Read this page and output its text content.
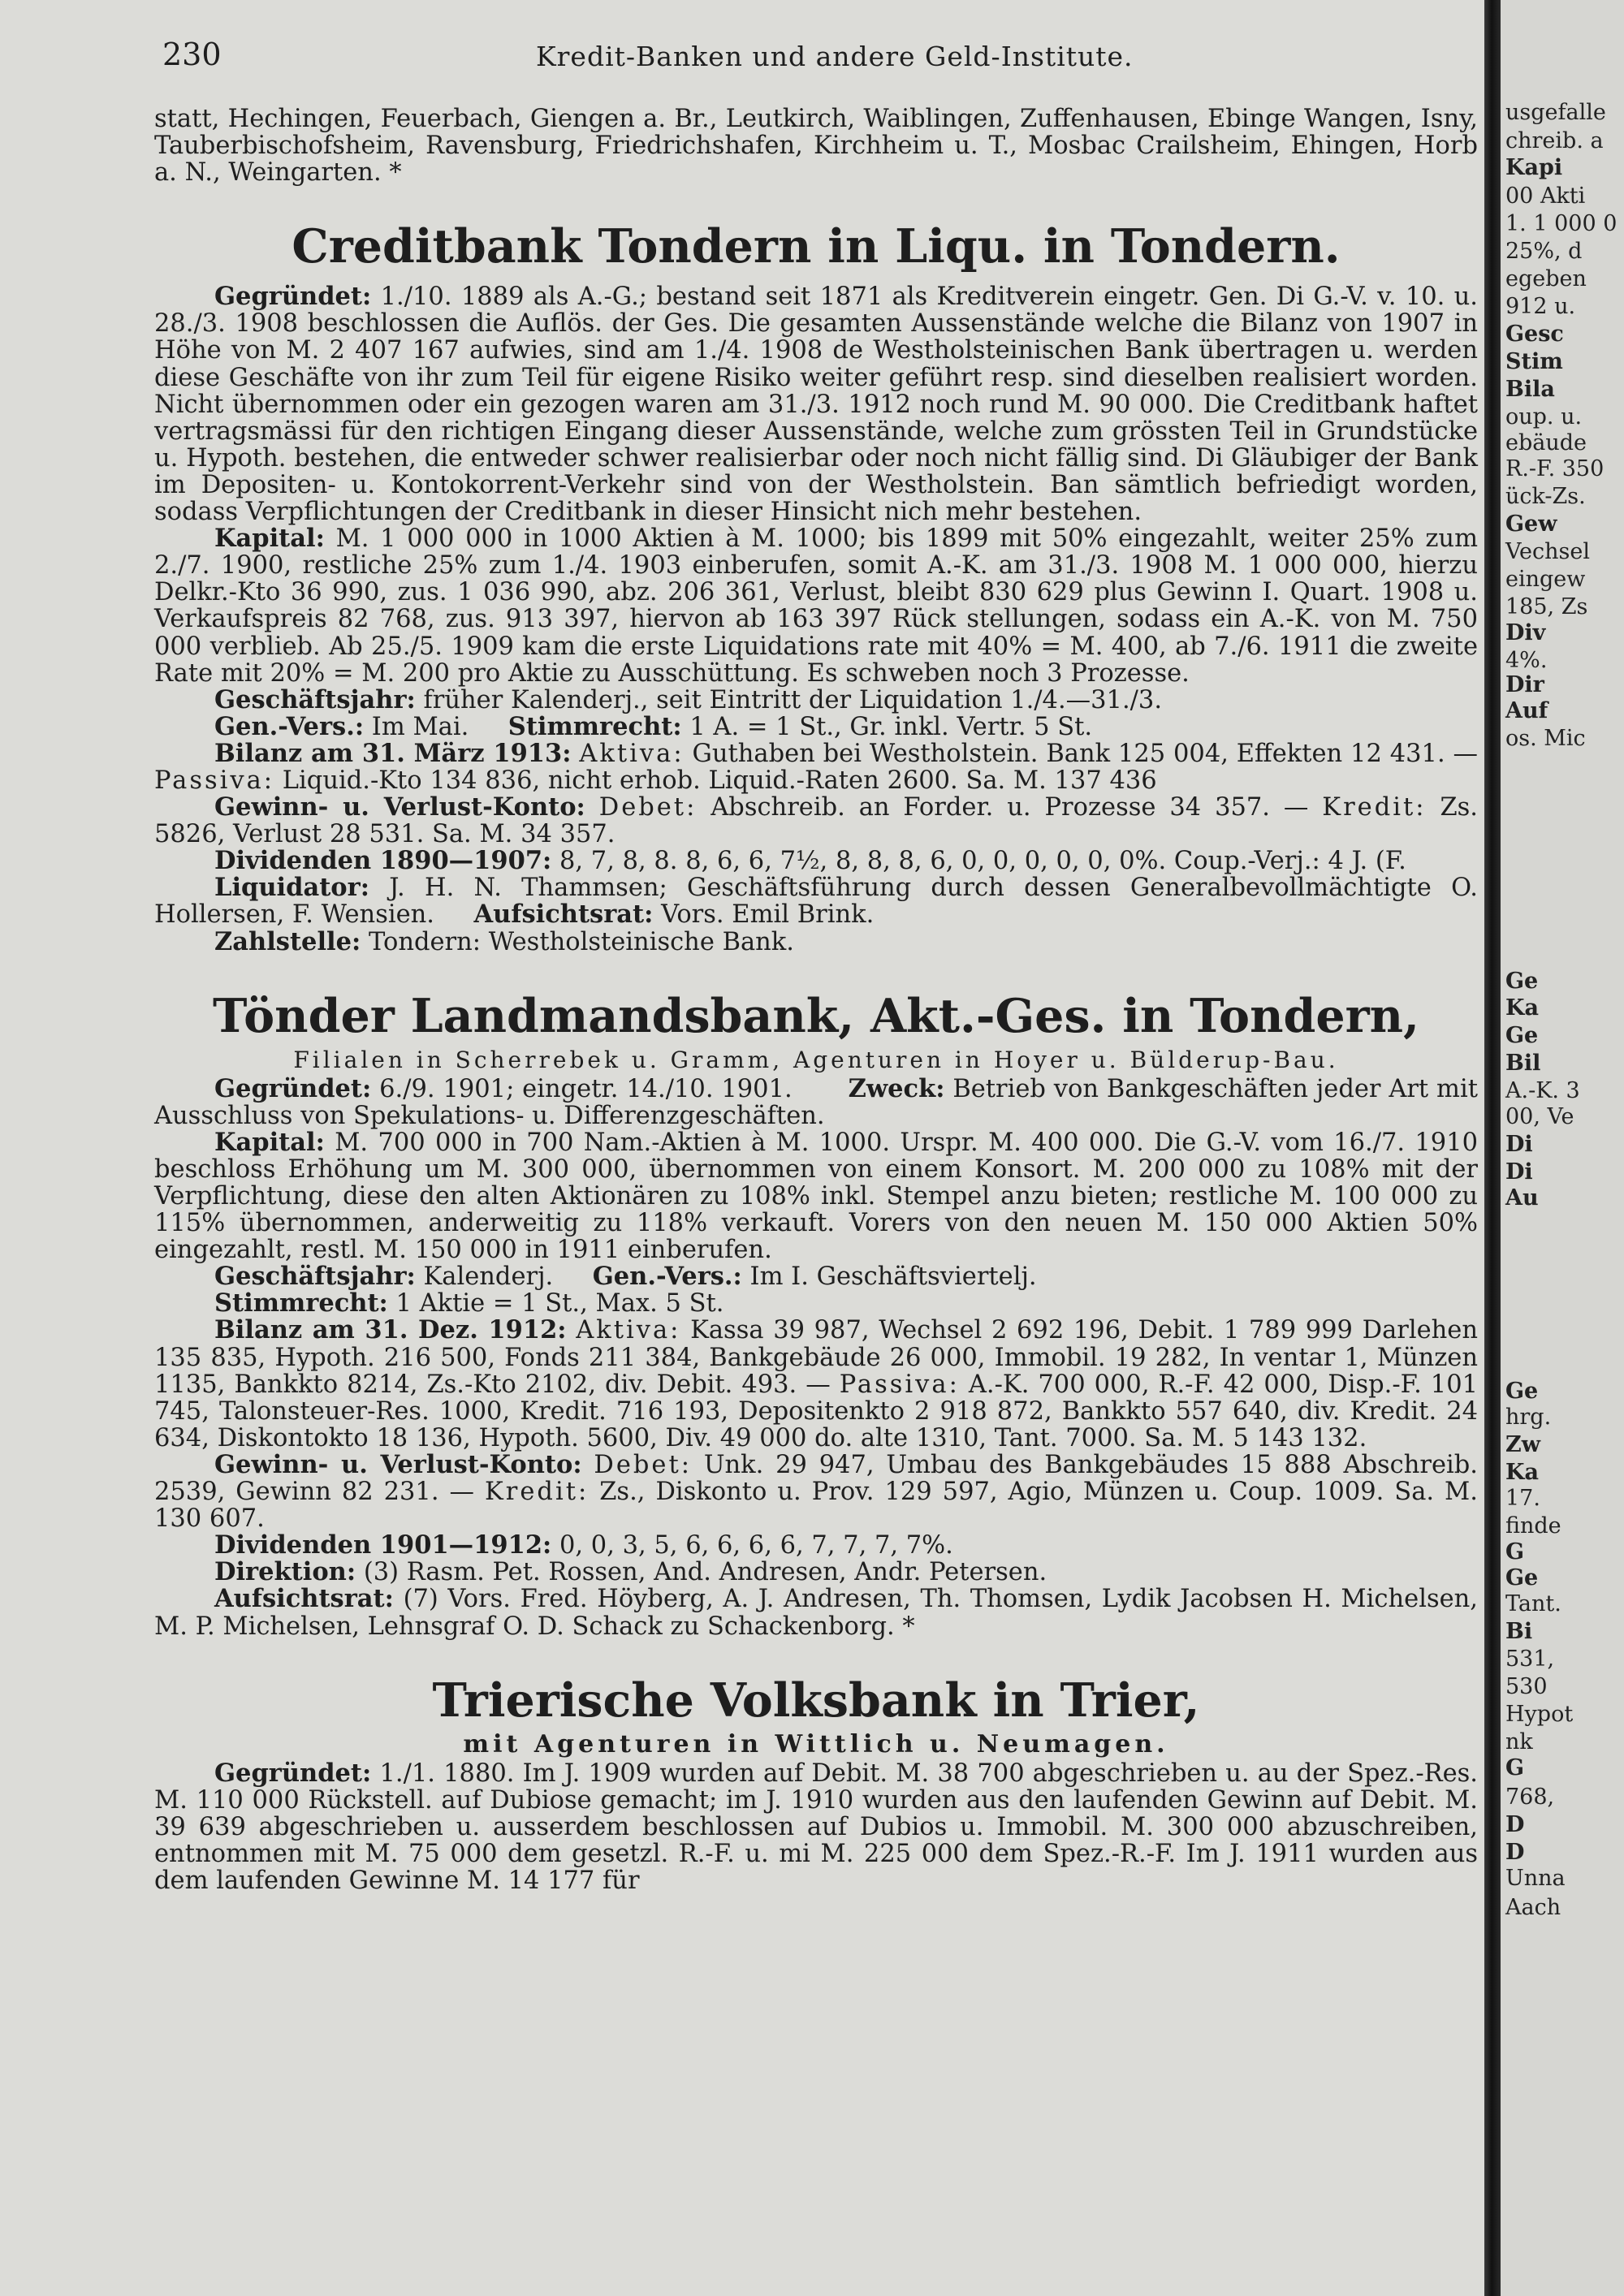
230	Kredit-Banken und andere Geld-Institute.

statt, Hechingen, Feuerbach, Giengen a. Br., Leutkirch, Waiblingen, Zuffenhausen, Ebinge Wangen, Isny, Tauberbischofsheim, Ravensburg, Friedrichshafen, Kirchheim u. T., Mosbac Crailsheim, Ehingen, Horb a. N., Weingarten. *

Creditbank Tondern in Liqu. in Tondern.

Gegründet: 1./10. 1889 als A.-G.; bestand seit 1871 als Kreditverein eingetr. Gen. Di G.-V. v. 10. u. 28./3. 1908 beschlossen die Auflös. der Ges. Die gesamten Aussenstände welche die Bilanz von 1907 in Höhe von M. 2 407 167 aufwies, sind am 1./4. 1908 de Westholsteinischen Bank übertragen u. werden diese Geschäfte von ihr zum Teil für eigene Risiko weiter geführt resp. sind dieselben realisiert worden. Nicht übernommen oder ein gezogen waren am 31./3. 1912 noch rund M. 90 000. Die Creditbank haftet vertragsmässi für den richtigen Eingang dieser Aussenstände, welche zum grössten Teil in Grundstücke u. Hypoth. bestehen, die entweder schwer realisierbar oder noch nicht fällig sind. Di Gläubiger der Bank im Depositen- u. Kontokorrent-Verkehr sind von der Westholstein. Ban sämtlich befriedigt worden, sodass Verpflichtungen der Creditbank in dieser Hinsicht nich mehr bestehen.

Kapital: M. 1 000 000 in 1000 Aktien à M. 1000; bis 1899 mit 50% eingezahlt, weiter 25% zum 2./7. 1900, restliche 25% zum 1./4. 1903 einberufen, somit A.-K. am 31./3. 1908 M. 1 000 000, hierzu Delkr.-Kto 36 990, zus. 1 036 990, abz. 206 361, Verlust, bleibt 830 629 plus Gewinn I. Quart. 1908 u. Verkaufspreis 82 768, zus. 913 397, hiervon ab 163 397 Rück stellungen, sodass ein A.-K. von M. 750 000 verblieb. Ab 25./5. 1909 kam die erste Liquidations rate mit 40% = M. 400, ab 7./6. 1911 die zweite Rate mit 20% = M. 200 pro Aktie zu Ausschüttung. Es schweben noch 3 Prozesse.

Geschäftsjahr: früher Kalenderj., seit Eintritt der Liquidation 1./4.—31./3.

Gen.-Vers.: Im Mai. Stimmrecht: 1 A. = 1 St., Gr. inkl. Vertr. 5 St.

Bilanz am 31. März 1913: Aktiva: Guthaben bei Westholstein. Bank 125 004, Effekten 12 431. — Passiva: Liquid.-Kto 134 836, nicht erhob. Liquid.-Raten 2600. Sa. M. 137 436

Gewinn- u. Verlust-Konto: Debet: Abschreib. an Forder. u. Prozesse 34 357. — Kredit: Zs. 5826, Verlust 28 531. Sa. M. 34 357.

Dividenden 1890—1907: 8, 7, 8, 8. 8, 6, 6, 7½, 8, 8, 8, 6, 0, 0, 0, 0, 0, 0%. Coup.-Verj.: 4 J. (F.

Liquidator: J. H. N. Thammsen; Geschäftsführung durch dessen Generalbevollmächtigte O. Hollersen, F. Wensien. Aufsichtsrat: Vors. Emil Brink.

Zahlstelle: Tondern: Westholsteinische Bank.

Tönder Landmandsbank, Akt.-Ges. in Tondern,

Filialen in Scherrebek u. Gramm, Agenturen in Hoyer u. Bülderup-Bau.

Gegründet: 6./9. 1901; eingetr. 14./10. 1901. Zweck: Betrieb von Bankgeschäften jeder Art mit Ausschluss von Spekulations- u. Differenzgeschäften.

Kapital: M. 700 000 in 700 Nam.-Aktien à M. 1000. Urspr. M. 400 000. Die G.-V. vom 16./7. 1910 beschloss Erhöhung um M. 300 000, übernommen von einem Konsort. M. 200 000 zu 108% mit der Verpflichtung, diese den alten Aktionären zu 108% inkl. Stempel anzu bieten; restliche M. 100 000 zu 115% übernommen, anderweitig zu 118% verkauft. Vorers von den neuen M. 150 000 Aktien 50% eingezahlt, restl. M. 150 000 in 1911 einberufen.

Geschäftsjahr: Kalenderj. Gen.-Vers.: Im I. Geschäftsviertelj.

Stimmrecht: 1 Aktie = 1 St., Max. 5 St.

Bilanz am 31. Dez. 1912: Aktiva: Kassa 39 987, Wechsel 2 692 196, Debit. 1 789 999 Darlehen 135 835, Hypoth. 216 500, Fonds 211 384, Bankgebäude 26 000, Immobil. 19 282, In ventar 1, Münzen 1135, Bankkto 8214, Zs.-Kto 2102, div. Debit. 493. — Passiva: A.-K. 700 000, R.-F. 42 000, Disp.-F. 101 745, Talonsteuer-Res. 1000, Kredit. 716 193, Depositenkto 2 918 872, Bankkto 557 640, div. Kredit. 24 634, Diskontokto 18 136, Hypoth. 5600, Div. 49 000 do. alte 1310, Tant. 7000. Sa. M. 5 143 132.

Gewinn- u. Verlust-Konto: Debet: Unk. 29 947, Umbau des Bankgebäudes 15 888 Abschreib. 2539, Gewinn 82 231. — Kredit: Zs., Diskonto u. Prov. 129 597, Agio, Münzen u. Coup. 1009. Sa. M. 130 607.

Dividenden 1901—1912: 0, 0, 3, 5, 6, 6, 6, 6, 7, 7, 7, 7%.

Direktion: (3) Rasm. Pet. Rossen, And. Andresen, Andr. Petersen.

Aufsichtsrat: (7) Vors. Fred. Höyberg, A. J. Andresen, Th. Thomsen, Lydik Jacobsen H. Michelsen, M. P. Michelsen, Lehnsgraf O. D. Schack zu Schackenborg. *

Trierische Volksbank in Trier,

mit Agenturen in Wittlich u. Neumagen.

Gegründet: 1./1. 1880. Im J. 1909 wurden auf Debit. M. 38 700 abgeschrieben u. au der Spez.-Res. M. 110 000 Rückstell. auf Dubiose gemacht; im J. 1910 wurden aus den laufenden Gewinn auf Debit. M. 39 639 abgeschrieben u. ausserdem beschlossen auf Dubios u. Immobil. M. 300 000 abzuschreiben, entnommen mit M. 75 000 dem gesetzl. R.-F. u. mi M. 225 000 dem Spez.-R.-F. Im J. 1911 wurden aus dem laufenden Gewinne M. 14 177 für

usgefalle
chreib. a
Kapi
00 Akti
1. 1 000 0
25%, d
egeben
912 u.
Gesc
Stim
Bila
oup. u.
ebäude
R.-F. 350
ück-Zs.
Gew
Vechsel
eingew
185, Zs
Div
4%.
Dir
Auf
os. Mic
Ge
Ka
Ge
Bil
A.-K. 3
00, Ve
Di
Di
Au
Ge
hrg.
Zw
Ka
17.
finde
G
Ge
Tant.
Bi
531,
530
Hypot
nk
G
768,
D
D
Unna
Aach
